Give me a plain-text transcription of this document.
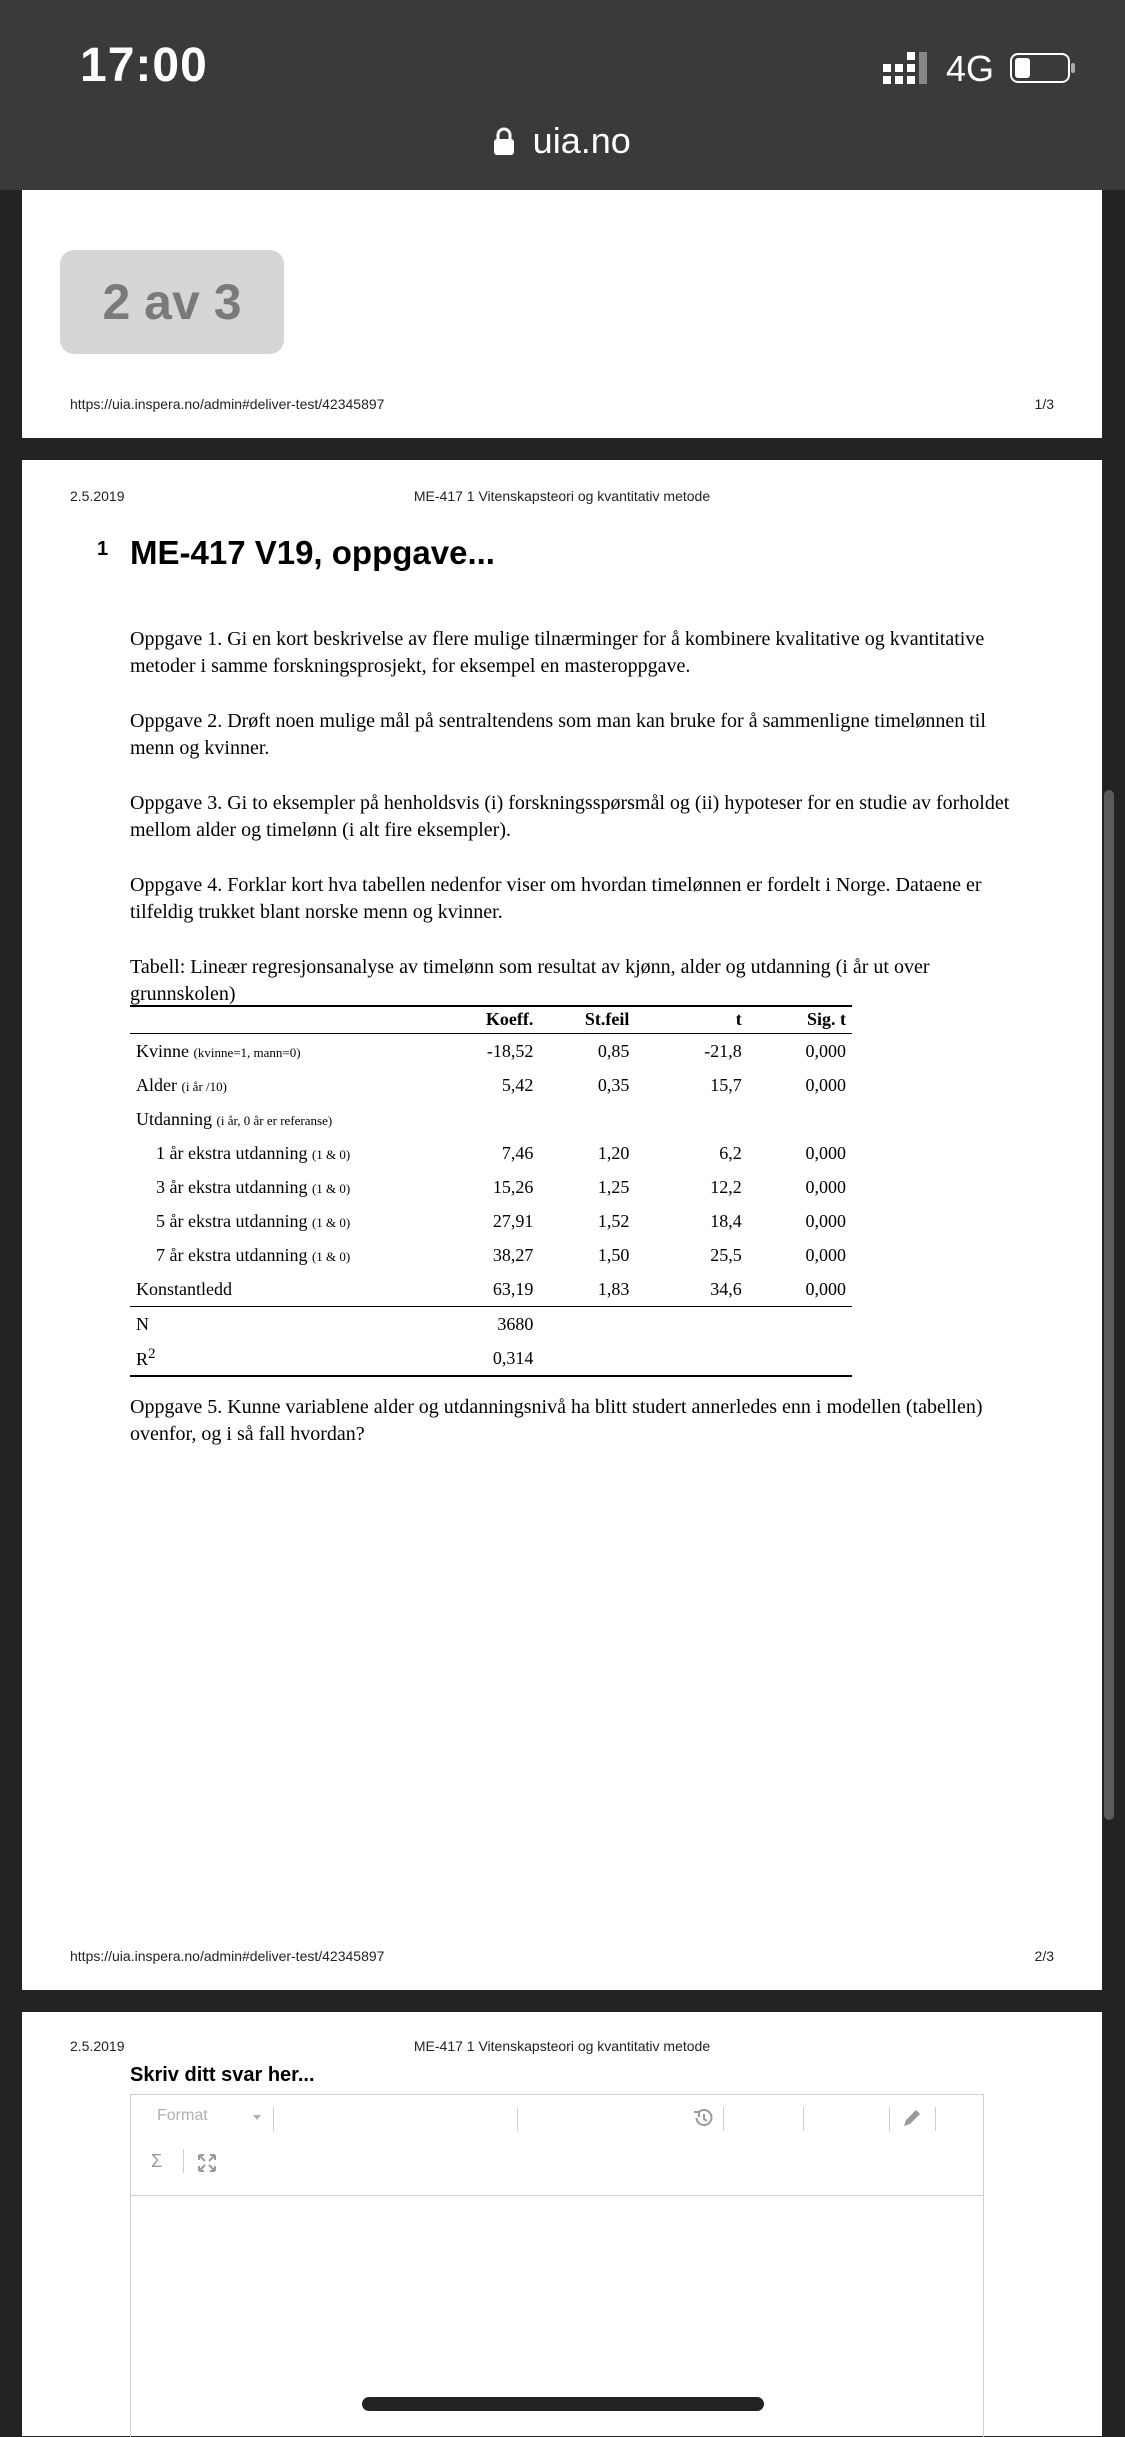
17:00	4G
uia.no
2 av 3
https://uia.inspera.no/admin#deliver-test/42345897	1/3
2.5.2019	ME-417 1 Vitenskapsteori og kvantitativ metode
1 ME-417 V19, oppgave...
Oppgave 1. Gi en kort beskrivelse av flere mulige tilnærminger for å kombinere kvalitative og kvantitative metoder i samme forskningsprosjekt, for eksempel en masteroppgave.
Oppgave 2. Drøft noen mulige mål på sentraltendens som man kan bruke for å sammenligne timelønnen til menn og kvinner.
Oppgave 3. Gi to eksempler på henholdsvis (i) forskningsspørsmål og (ii) hypoteser for en studie av forholdet mellom alder og timelønn (i alt fire eksempler).
Oppgave 4. Forklar kort hva tabellen nedenfor viser om hvordan timelønnen er fordelt i Norge. Dataene er tilfeldig trukket blant norske menn og kvinner.
Tabell: Lineær regresjonsanalyse av timelønn som resultat av kjønn, alder og utdanning (i år ut over grunnskolen)
	Koeff.	St.feil	t	Sig. t
Kvinne (kvinne=1, mann=0)	-18,52	0,85	-21,8	0,000
Alder (i år /10)	5,42	0,35	15,7	0,000
Utdanning (i år, 0 år er referanse)				
1 år ekstra utdanning (1 & 0)	7,46	1,20	6,2	0,000
3 år ekstra utdanning (1 & 0)	15,26	1,25	12,2	0,000
5 år ekstra utdanning (1 & 0)	27,91	1,52	18,4	0,000
7 år ekstra utdanning (1 & 0)	38,27	1,50	25,5	0,000
Konstantledd	63,19	1,83	34,6	0,000
N	3680			
$R^2$	0,314			
Oppgave 5. Kunne variablene alder og utdanningsnivå ha blitt studert annerledes enn i modellen (tabellen) ovenfor, og i så fall hvordan?
https://uia.inspera.no/admin#deliver-test/42345897	2/3
2.5.2019	ME-417 1 Vitenskapsteori og kvantitativ metode
Skriv ditt svar her...
Format
Σ
